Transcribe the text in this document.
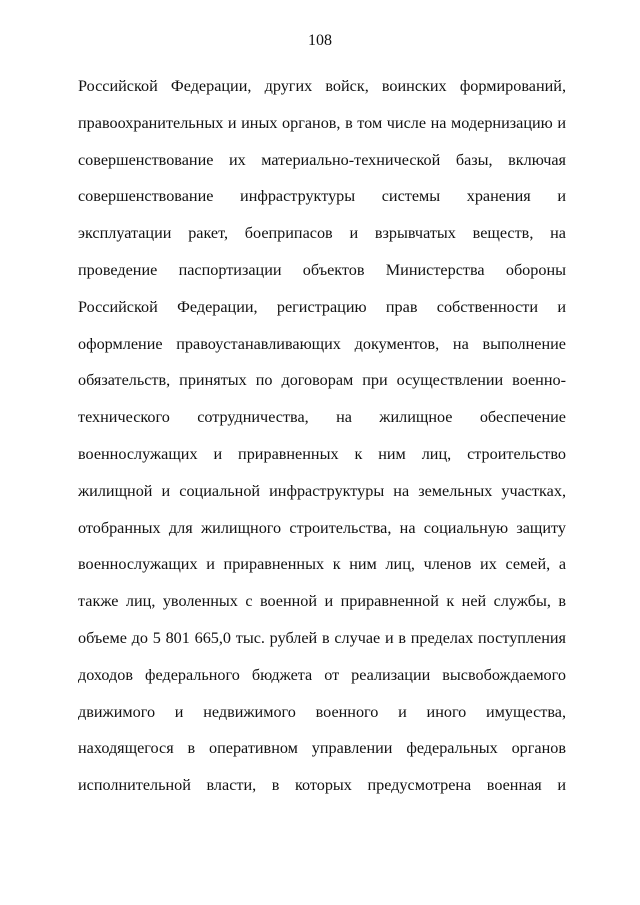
108
Российской Федерации, других войск, воинских формирований,
правоохранительных и иных органов, в том числе на модернизацию и
совершенствование их материально-технической базы, включая
совершенствование инфраструктуры системы хранения и
эксплуатации ракет, боеприпасов и взрывчатых веществ, на
проведение паспортизации объектов Министерства обороны
Российской Федерации, регистрацию прав собственности и
оформление правоустанавливающих документов, на выполнение
обязательств, принятых по договорам при осуществлении военно-
технического сотрудничества, на жилищное обеспечение
военнослужащих и приравненных к ним лиц, строительство
жилищной и социальной инфраструктуры на земельных участках,
отобранных для жилищного строительства, на социальную защиту
военнослужащих и приравненных к ним лиц, членов их семей, а
также лиц, уволенных с военной и приравненной к ней службы, в
объеме до 5 801 665,0 тыс. рублей в случае и в пределах поступления
доходов федерального бюджета от реализации высвобождаемого
движимого и недвижимого военного и иного имущества,
находящегося в оперативном управлении федеральных органов
исполнительной власти, в которых предусмотрена военная и
